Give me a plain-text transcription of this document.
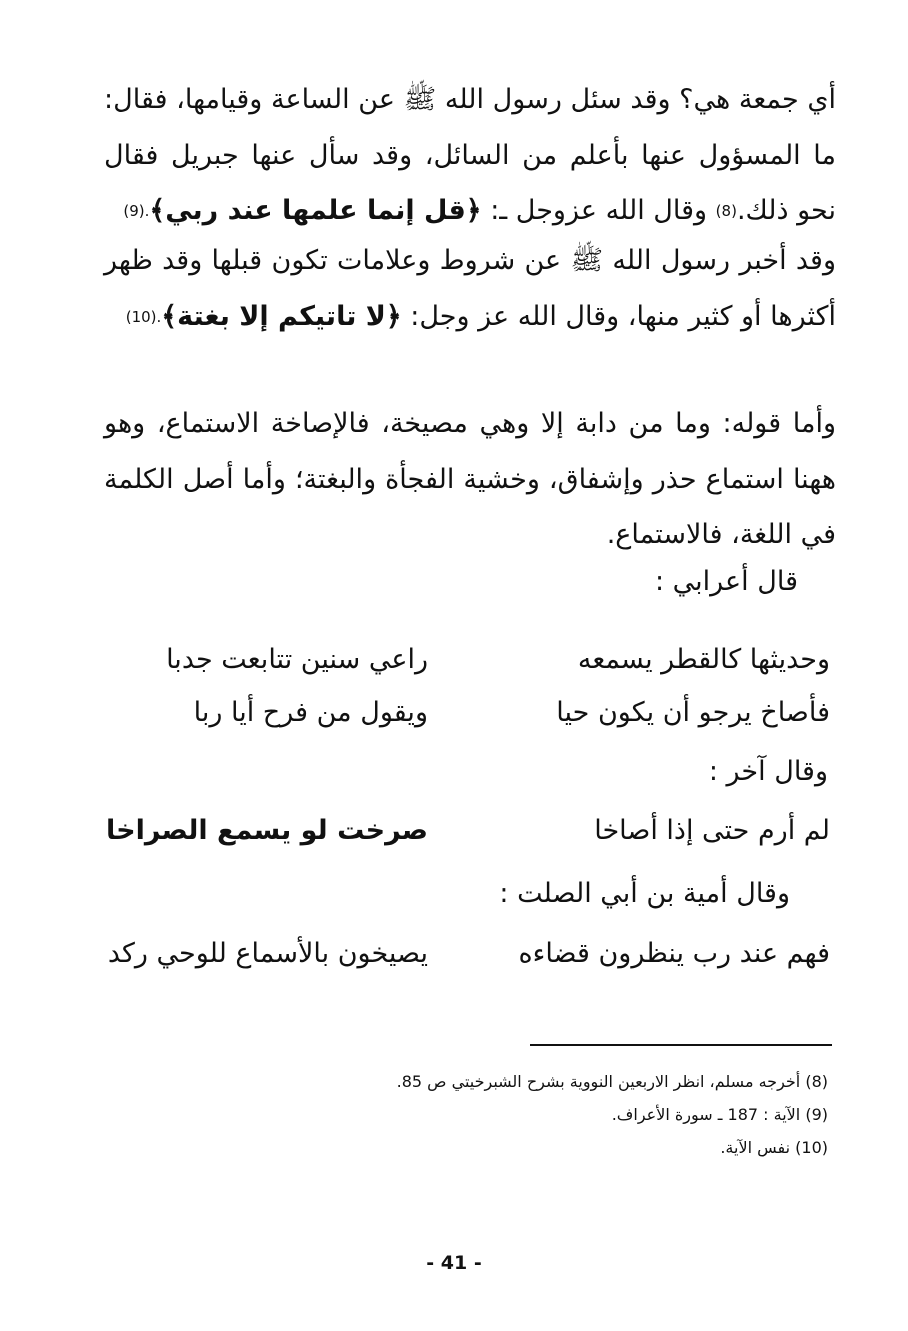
أي جمعة هي؟ وقد سئل رسول الله ﷺ عن الساعة وقيامها، فقال: ما المسؤول عنها بأعلم من السائل، وقد سأل عنها جبريل فقال نحو ذلك.(8) وقال الله عزوجل ـ: ﴿قل إنما علمها عند ربي﴾.(9)

وقد أخبر رسول الله ﷺ عن شروط وعلامات تكون قبلها وقد ظهر أكثرها أو كثير منها، وقال الله عز وجل: ﴿لا تاتيكم إلا بغتة﴾.(10)

وأما قوله: وما من دابة إلا وهي مصيخة، فالإصاخة الاستماع، وهو ههنا استماع حذر وإشفاق، وخشية الفجأة والبغتة؛ وأما أصل الكلمة في اللغة، فالاستماع.

قال أعرابي :

وحديثها كالقطر يسمعه
راعي سنين تتابعت جدبا
فأصاخ يرجو أن يكون حيا
ويقول من فرح أيا ربا

وقال آخر :

لم أرم حتى إذا أصاخا
صرخت لو يسمع الصراخا

وقال أمية بن أبي الصلت :

فهم عند رب ينظرون قضاءه
يصيخون بالأسماع للوحي ركد
(8) أخرجه مسلم، انظر الاربعين النووية بشرح الشبرخيتي ص 85.
(9) الآية : 187 ـ سورة الأعراف.
(10) نفس الآية.
- 41 -
